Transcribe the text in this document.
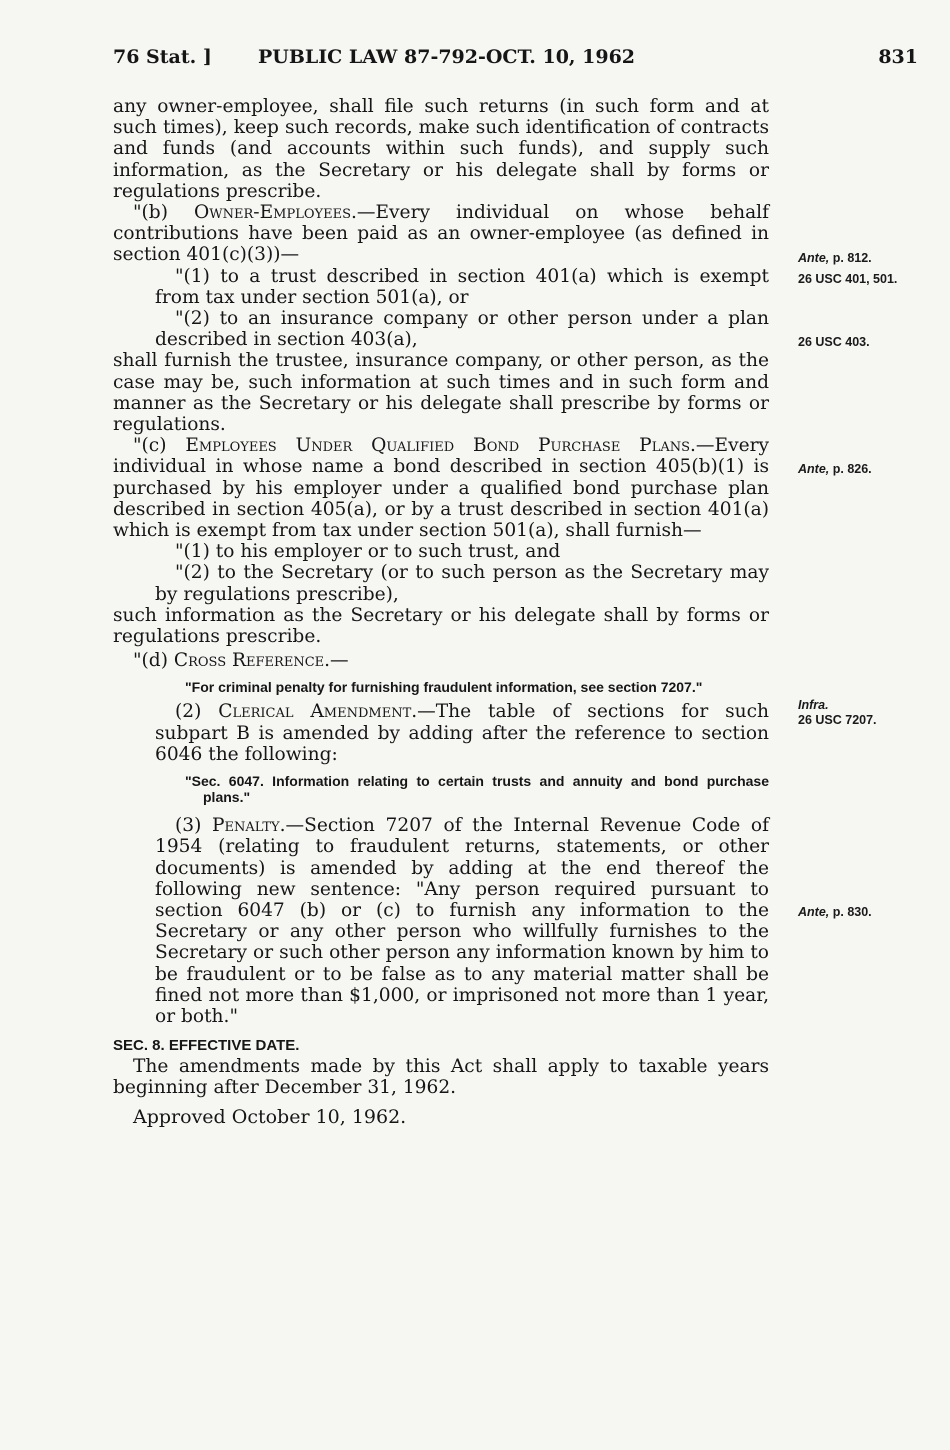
76 Stat. ] PUBLIC LAW 87-792-OCT. 10, 1962	831

any owner-employee, shall file such returns (in such form and at such times), keep such records, make such identification of contracts and funds (and accounts within such funds), and supply such information, as the Secretary or his delegate shall by forms or regulations prescribe.

"(b) Owner-Employees.—Every individual on whose behalf contributions have been paid as an owner-employee (as defined in section 401(c)(3))—

"(1) to a trust described in section 401(a) which is exempt from tax under section 501(a), or

"(2) to an insurance company or other person under a plan described in section 403(a),

shall furnish the trustee, insurance company, or other person, as the case may be, such information at such times and in such form and manner as the Secretary or his delegate shall prescribe by forms or regulations.

"(c) Employees Under Qualified Bond Purchase Plans.—Every individual in whose name a bond described in section 405(b)(1) is purchased by his employer under a qualified bond purchase plan described in section 405(a), or by a trust described in section 401(a) which is exempt from tax under section 501(a), shall furnish—

"(1) to his employer or to such trust, and

"(2) to the Secretary (or to such person as the Secretary may by regulations prescribe),

such information as the Secretary or his delegate shall by forms or regulations prescribe.

"(d) Cross Reference.—

"For criminal penalty for furnishing fraudulent information, see section 7207."

(2) Clerical Amendment.—The table of sections for such subpart B is amended by adding after the reference to section 6046 the following:

"Sec. 6047. Information relating to certain trusts and annuity and bond purchase plans."

(3) Penalty.—Section 7207 of the Internal Revenue Code of 1954 (relating to fraudulent returns, statements, or other documents) is amended by adding at the end thereof the following new sentence: "Any person required pursuant to section 6047 (b) or (c) to furnish any information to the Secretary or any other person who willfully furnishes to the Secretary or such other person any information known by him to be fraudulent or to be false as to any material matter shall be fined not more than $1,000, or imprisoned not more than 1 year, or both."

SEC. 8. EFFECTIVE DATE.

The amendments made by this Act shall apply to taxable years beginning after December 31, 1962.

Approved October 10, 1962.

Ante, p. 812.
26 USC 401, 501.
26 USC 403.
Ante, p. 826.
Infra.
26 USC 7207.
Ante, p. 830.
